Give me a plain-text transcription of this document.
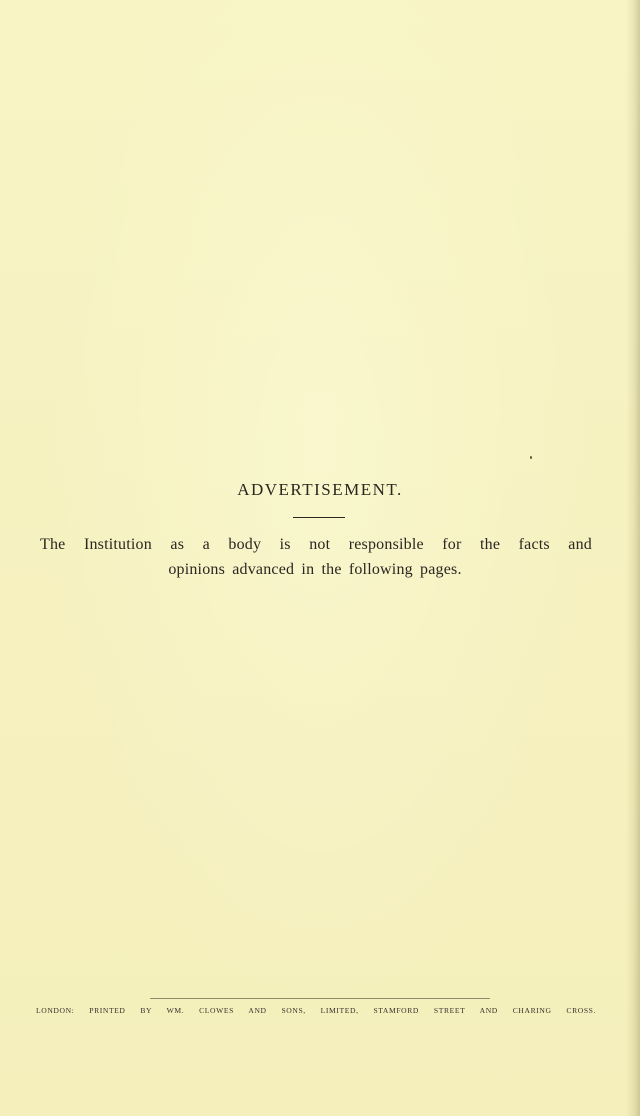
ADVERTISEMENT.
The Institution as a body is not responsible for the facts and
opinions advanced in the following pages.
LONDON: PRINTED BY WM. CLOWES AND SONS, LIMITED, STAMFORD STREET AND CHARING CROSS.
